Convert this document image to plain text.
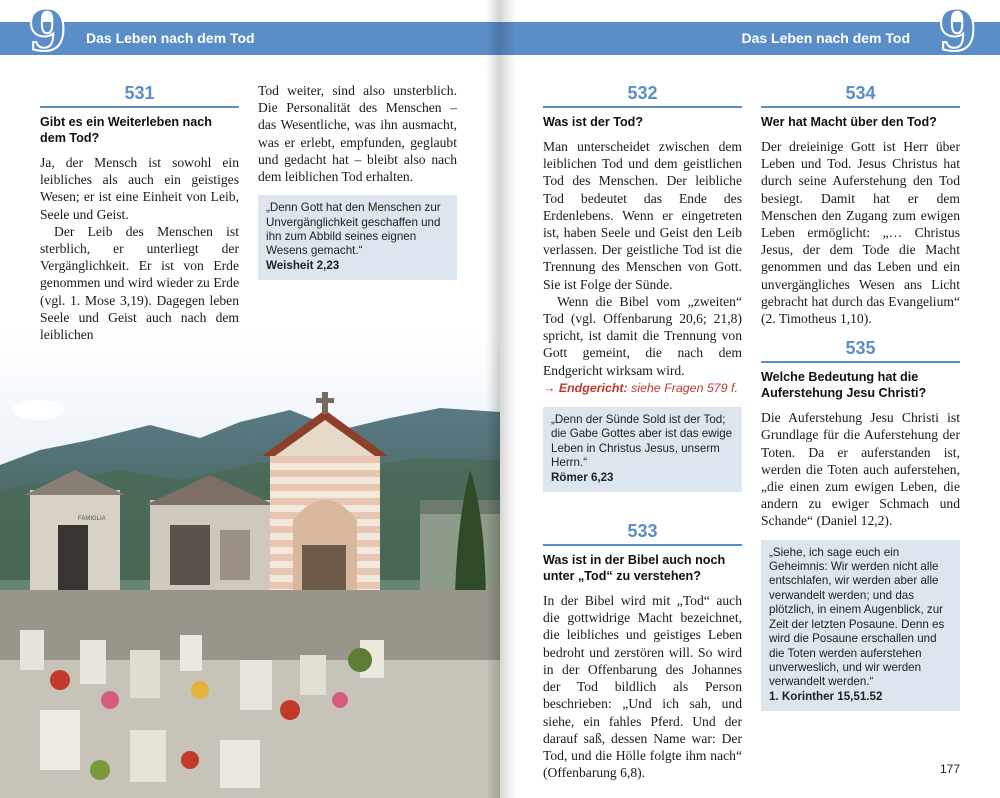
9 Das Leben nach dem Tod
FAMIGLIA
531
Gibt es ein Weiterleben nach dem Tod?

Ja, der Mensch ist sowohl ein leibliches als auch ein geistiges Wesen; er ist eine Einheit von Leib, Seele und Geist.

Der Leib des Menschen ist sterblich, er unterliegt der Vergänglichkeit. Er ist von Erde genommen und wird wieder zu Erde (vgl. 1. Mose 3,19). Dagegen leben Seele und Geist auch nach dem leiblichen

Tod weiter, sind also unsterblich. Die Personalität des Menschen – das Wesentliche, was ihn ausmacht, was er erlebt, empfunden, geglaubt und gedacht hat – bleibt also nach dem leiblichen Tod erhalten.

„Denn Gott hat den Menschen zur Unvergänglichkeit geschaffen und ihn zum Abbild seines eignen Wesens gemacht.“
Weisheit 2,23
Das Leben nach dem Tod 9
532
Was ist der Tod?

Man unterscheidet zwischen dem leiblichen Tod und dem geistlichen Tod des Menschen. Der leibliche Tod bedeutet das Ende des Erdenlebens. Wenn er eingetreten ist, haben Seele und Geist den Leib verlassen. Der geistliche Tod ist die Trennung des Menschen von Gott. Sie ist Folge der Sünde.

Wenn die Bibel vom „zweiten“ Tod (vgl. Offenbarung 20,6; 21,8) spricht, ist damit die Trennung von Gott gemeint, die nach dem Endgericht wirksam wird.

→ Endgericht: siehe Fragen 579 f.
„Denn der Sünde Sold ist der Tod; die Gabe Gottes aber ist das ewige Leben in Christus Jesus, unserm Herrn.“
Römer 6,23
533
Was ist in der Bibel auch noch unter „Tod“ zu verstehen?

In der Bibel wird mit „Tod“ auch die gottwidrige Macht bezeichnet, die leibliches und geistiges Leben bedroht und zerstören will. So wird in der Offenbarung des Johannes der Tod bildlich als Person beschrieben: „Und ich sah, und siehe, ein fahles Pferd. Und der darauf saß, dessen Name war: Der Tod, und die Hölle folgte ihm nach“ (Offenbarung 6,8).

534
Wer hat Macht über den Tod?

Der dreieinige Gott ist Herr über Leben und Tod. Jesus Christus hat durch seine Auferstehung den Tod besiegt. Damit hat er dem Menschen den Zugang zum ewigen Leben ermöglicht: „… Christus Jesus, der dem Tode die Macht genommen und das Leben und ein unvergängliches Wesen ans Licht gebracht hat durch das Evangelium“ (2. Timotheus 1,10).

535
Welche Bedeutung hat die Auferstehung Jesu Christi?

Die Auferstehung Jesu Christi ist Grundlage für die Auferstehung der Toten. Da er auferstanden ist, werden die Toten auch auferstehen, „die einen zum ewigen Leben, die andern zu ewiger Schmach und Schande“ (Daniel 12,2).

„Siehe, ich sage euch ein Geheimnis: Wir werden nicht alle entschlafen, wir werden aber alle verwandelt werden; und das plötzlich, in einem Augenblick, zur Zeit der letzten Posaune. Denn es wird die Posaune erschallen und die Toten werden auferstehen unverweslich, und wir werden verwandelt werden.“
1. Korinther 15,51.52
177
